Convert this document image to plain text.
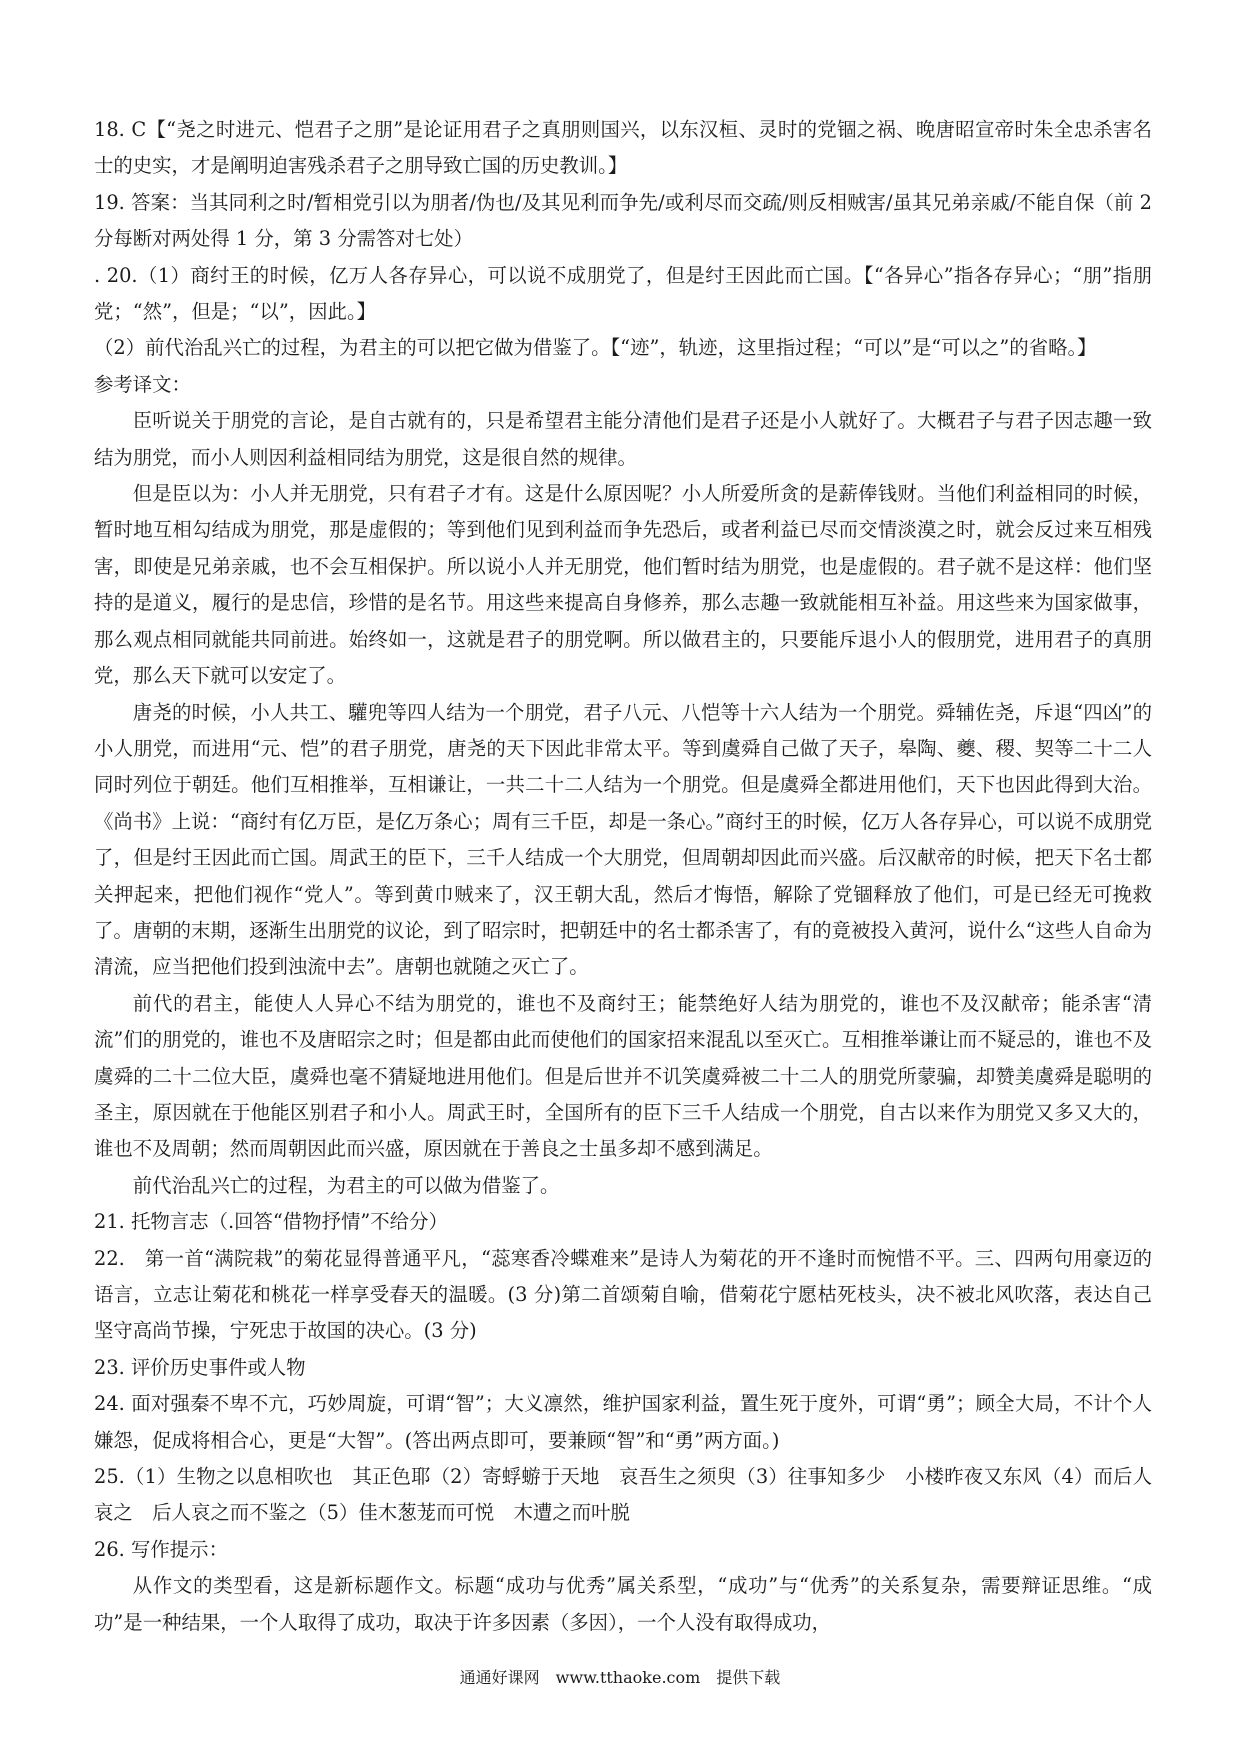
18. C【“尧之时进元、恺君子之朋”是论证用君子之真朋则国兴，以东汉桓、灵时的党锢之祸、晚唐昭宣帝时朱全忠杀害名士的史实，才是阐明迫害残杀君子之朋导致亡国的历史教训。】

19. 答案：当其同利之时/暂相党引以为朋者/伪也/及其见利而争先/或利尽而交疏/则反相贼害/虽其兄弟亲戚/不能自保（前 2 分每断对两处得 1 分，第 3 分需答对七处）

. 20.（1）商纣王的时候，亿万人各存异心，可以说不成朋党了，但是纣王因此而亡国。【“各异心”指各存异心；“朋”指朋党；“然”，但是；“以”，因此。】

（2）前代治乱兴亡的过程，为君主的可以把它做为借鉴了。【“迹”，轨迹，这里指过程；“可以”是“可以之”的省略。】

参考译文：

臣听说关于朋党的言论，是自古就有的，只是希望君主能分清他们是君子还是小人就好了。大概君子与君子因志趣一致结为朋党，而小人则因利益相同结为朋党，这是很自然的规律。

但是臣以为：小人并无朋党，只有君子才有。这是什么原因呢？小人所爱所贪的是薪俸钱财。当他们利益相同的时候，暂时地互相勾结成为朋党，那是虚假的；等到他们见到利益而争先恐后，或者利益已尽而交情淡漠之时，就会反过来互相残害，即使是兄弟亲戚，也不会互相保护。所以说小人并无朋党，他们暂时结为朋党，也是虚假的。君子就不是这样：他们坚持的是道义，履行的是忠信，珍惜的是名节。用这些来提高自身修养，那么志趣一致就能相互补益。用这些来为国家做事，那么观点相同就能共同前进。始终如一，这就是君子的朋党啊。所以做君主的，只要能斥退小人的假朋党，进用君子的真朋党，那么天下就可以安定了。

唐尧的时候，小人共工、驩兜等四人结为一个朋党，君子八元、八恺等十六人结为一个朋党。舜辅佐尧，斥退“四凶”的小人朋党，而进用“元、恺”的君子朋党，唐尧的天下因此非常太平。等到虞舜自己做了天子，皋陶、夔、稷、契等二十二人同时列位于朝廷。他们互相推举，互相谦让，一共二十二人结为一个朋党。但是虞舜全都进用他们，天下也因此得到大治。《尚书》上说：“商纣有亿万臣，是亿万条心；周有三千臣，却是一条心。”商纣王的时候，亿万人各存异心，可以说不成朋党了，但是纣王因此而亡国。周武王的臣下，三千人结成一个大朋党，但周朝却因此而兴盛。后汉献帝的时候，把天下名士都关押起来，把他们视作“党人”。等到黄巾贼来了，汉王朝大乱，然后才悔悟，解除了党锢释放了他们，可是已经无可挽救了。唐朝的末期，逐渐生出朋党的议论，到了昭宗时，把朝廷中的名士都杀害了，有的竟被投入黄河，说什么“这些人自命为清流，应当把他们投到浊流中去”。唐朝也就随之灭亡了。

前代的君主，能使人人异心不结为朋党的，谁也不及商纣王；能禁绝好人结为朋党的，谁也不及汉献帝；能杀害“清流”们的朋党的，谁也不及唐昭宗之时；但是都由此而使他们的国家招来混乱以至灭亡。互相推举谦让而不疑忌的，谁也不及虞舜的二十二位大臣，虞舜也毫不猜疑地进用他们。但是后世并不讥笑虞舜被二十二人的朋党所蒙骗，却赞美虞舜是聪明的圣主，原因就在于他能区别君子和小人。周武王时，全国所有的臣下三千人结成一个朋党，自古以来作为朋党又多又大的，谁也不及周朝；然而周朝因此而兴盛，原因就在于善良之士虽多却不感到满足。

前代治乱兴亡的过程，为君主的可以做为借鉴了。

21. 托物言志（.回答“借物抒情”不给分）

22.　第一首“满院栽”的菊花显得普通平凡，“蕊寒香冷蝶难来”是诗人为菊花的开不逢时而惋惜不平。三、四两句用豪迈的语言，立志让菊花和桃花一样享受春天的温暖。(3 分)第二首颂菊自喻，借菊花宁愿枯死枝头，决不被北风吹落，表达自己坚守高尚节操，宁死忠于故国的决心。(3 分)

23. 评价历史事件或人物

24. 面对强秦不卑不亢，巧妙周旋，可谓“智”；大义凛然，维护国家利益，置生死于度外，可谓“勇”；顾全大局，不计个人嫌怨，促成将相合心，更是“大智”。(答出两点即可，要兼顾“智”和“勇”两方面。)

25.（1）生物之以息相吹也　其正色耶（2）寄蜉蝣于天地　哀吾生之须臾（3）往事知多少　小楼昨夜又东风（4）而后人哀之　后人哀之而不鉴之（5）佳木葱茏而可悦　木遭之而叶脱

26. 写作提示：

从作文的类型看，这是新标题作文。标题“成功与优秀”属关系型，“成功”与“优秀”的关系复杂，需要辩证思维。“成功”是一种结果，一个人取得了成功，取决于许多因素（多因），一个人没有取得成功，

通通好课网　www.tthaoke.com　提供下载
